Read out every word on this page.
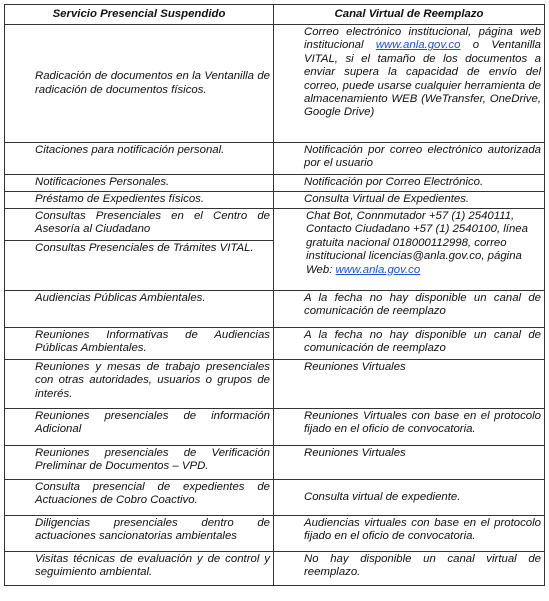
Servicio Presencial Suspendido	Canal Virtual de Reemplazo
Radicación de documentos en la Ventanilla de radicación de documentos físicos.	Correo electrónico institucional, página web institucional www.anla.gov.co o Ventanilla VITAL, si el tamaño de los documentos a enviar supera la capacidad de envío del correo, puede usarse cualquier herramienta de almacenamiento WEB (WeTransfer, OneDrive, Google Drive)
Citaciones para notificación personal.	Notificación por correo electrónico autorizada por el usuario
Notificaciones Personales.	Notificación por Correo Electrónico.
Préstamo de Expedientes físicos.	Consulta Virtual de Expedientes.
Consultas Presenciales en el Centro de Asesoría al Ciudadano	Chat Bot, Connmutador +57 (1) 2540111, Contacto Ciudadano +57 (1) 2540100, línea gratuita nacional 018000112998, correo institucional licencias@anla.gov.co, página Web: www.anla.gov.co
Consultas Presenciales de Trámites VITAL.	
Audiencias Públicas Ambientales.	A la fecha no hay disponible un canal de comunicación de reemplazo
Reuniones Informativas de Audiencias Públicas Ambientales.	A la fecha no hay disponible un canal de comunicación de reemplazo
Reuniones y mesas de trabajo presenciales con otras autoridades, usuarios o grupos de interés.	Reuniones Virtuales
Reuniones presenciales de información Adicional	Reuniones Virtuales con base en el protocolo fijado en el oficio de convocatoria.
Reuniones presenciales de Verificación Preliminar de Documentos – VPD.	Reuniones Virtuales
Consulta presencial de expedientes de Actuaciones de Cobro Coactivo.	Consulta virtual de expediente.
Diligencias presenciales dentro de actuaciones sancionatorias ambientales	Audiencias virtuales con base en el protocolo fijado en el oficio de convocatoria.
Visitas técnicas de evaluación y de control y seguimiento ambiental.	No hay disponible un canal virtual de reemplazo.
